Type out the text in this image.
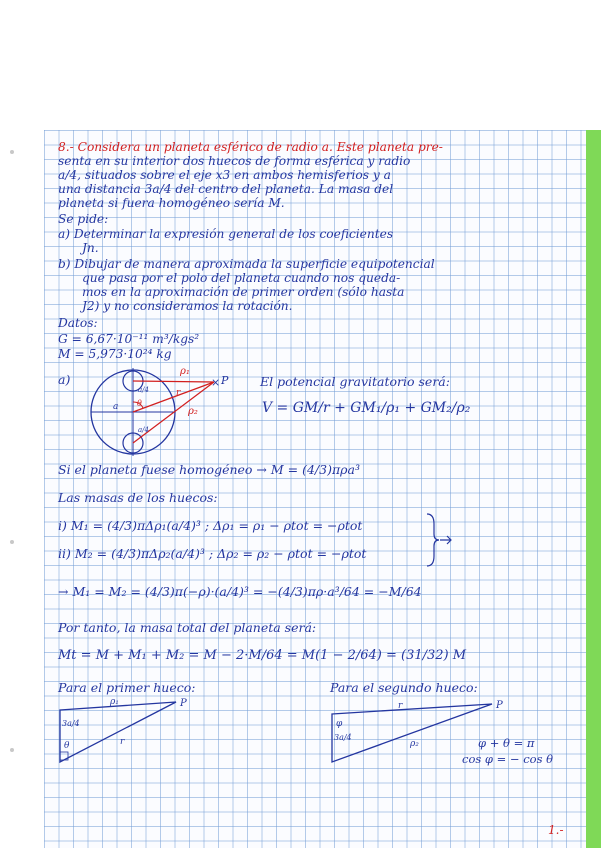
8.- Considera un planeta esférico de radio a. Este planeta pre-

senta en su interior dos huecos de forma esférica y radio

a/4, situados sobre el eje x3 en ambos hemisferios y a

una distancia 3a/4 del centro del planeta. La masa del

planeta si fuera homogéneo sería M.

Se pide:

a) Determinar la expresión general de los coeficientes

Jn.

b) Dibujar de manera aproximada la superficie equipotencial

que pasa por el polo del planeta cuando nos queda-

mos en la aproximación de primer orden (sólo hasta

J2) y no consideramos la rotación.

Datos:

G = 6,67·10⁻¹¹ m³/kgs²

M = 5,973·10²⁴ kg

a)	× P
ρ₁
ρ₂
r
a
a/4
a/4
θ

El potencial gravitatorio será:

V = GM/r + GM₁/ρ₁ + GM₂/ρ₂

Si el planeta fuese homogéneo → M = (4/3)πρa³

Las masas de los huecos:

i) M₁ = (4/3)πΔρ₁(a/4)³ ; Δρ₁ = ρ₁ − ρtot = −ρtot

ii) M₂ = (4/3)πΔρ₂(a/4)³ ; Δρ₂ = ρ₂ − ρtot = −ρtot

→ M₁ = M₂ = (4/3)π(−ρ)·(a/4)³ = −(4/3)πρ·a³/64 = −M/64

Por tanto, la masa total del planeta será:

Mt = M + M₁ + M₂ = M − 2·M/64 = M(1 − 2/64) = (31/32) M

Para el primer hueco:	Para el segundo hueco:

P
ρ₁
r
3a/4
θ
P
r
ρ₂
φ
3a/4	φ + θ = π

cos φ = − cos θ

1.-
